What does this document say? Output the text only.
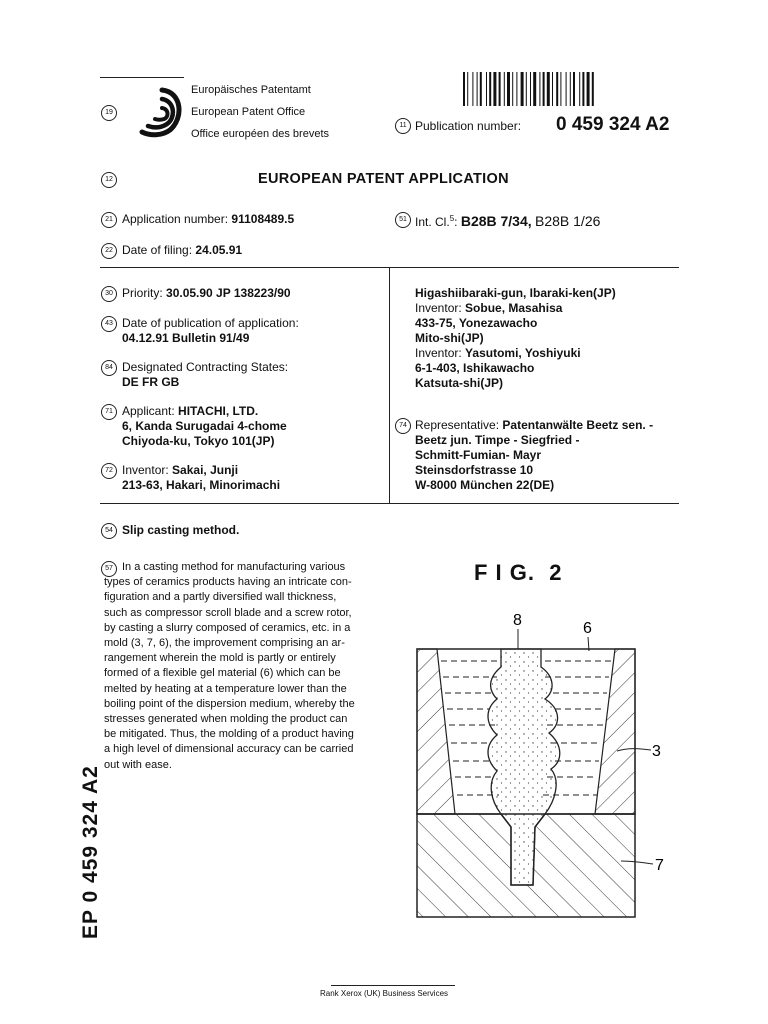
19
Europäisches Patentamt
European Patent Office
Office européen des brevets
11 Publication number: 0 459 324 A2
12	EUROPEAN PATENT APPLICATION
21 Application number: 91108489.5	51 Int. Cl.$^5$: B28B 7/34, B28B 1/26
22 Date of filing: 24.05.91
30 Priority: 30.05.90 JP 138223/90
43 Date of publication of application:
04.12.91 Bulletin 91/49
84 Designated Contracting States:
DE FR GB
71 Applicant: HITACHI, LTD.
6, Kanda Surugadai 4-chome
Chiyoda-ku, Tokyo 101(JP)
72 Inventor: Sakai, Junji
213-63, Hakari, Minorimachi
Higashiibaraki-gun, Ibaraki-ken(JP)
Inventor: Sobue, Masahisa
433-75, Yonezawacho
Mito-shi(JP)
Inventor: Yasutomi, Yoshiyuki
6-1-403, Ishikawacho
Katsuta-shi(JP)
74 Representative: Patentanwälte Beetz sen. -
Beetz jun. Timpe - Siegfried -
Schmitt-Fumian- Mayr
Steinsdorfstrasse 10
W-8000 München 22(DE)
54 Slip casting method.
57 In a casting method for manufacturing various
types of ceramics products having an intricate con-
figuration and a partly diversified wall thickness,
such as compressor scroll blade and a screw rotor,
by casting a slurry composed of ceramics, etc. in a
mold (3, 7, 6), the improvement comprising an ar-
rangement wherein the mold is partly or entirely
formed of a flexible gel material (6) which can be
melted by heating at a temperature lower than the
boiling point of the dispersion medium, whereby the
stresses generated when molding the product can
be mitigated. Thus, the molding of a product having
a high level of dimensional accuracy can be carried
out with ease.
F I G.  2
8	6
3
7
EP 0 459 324 A2
Rank Xerox (UK) Business Services
